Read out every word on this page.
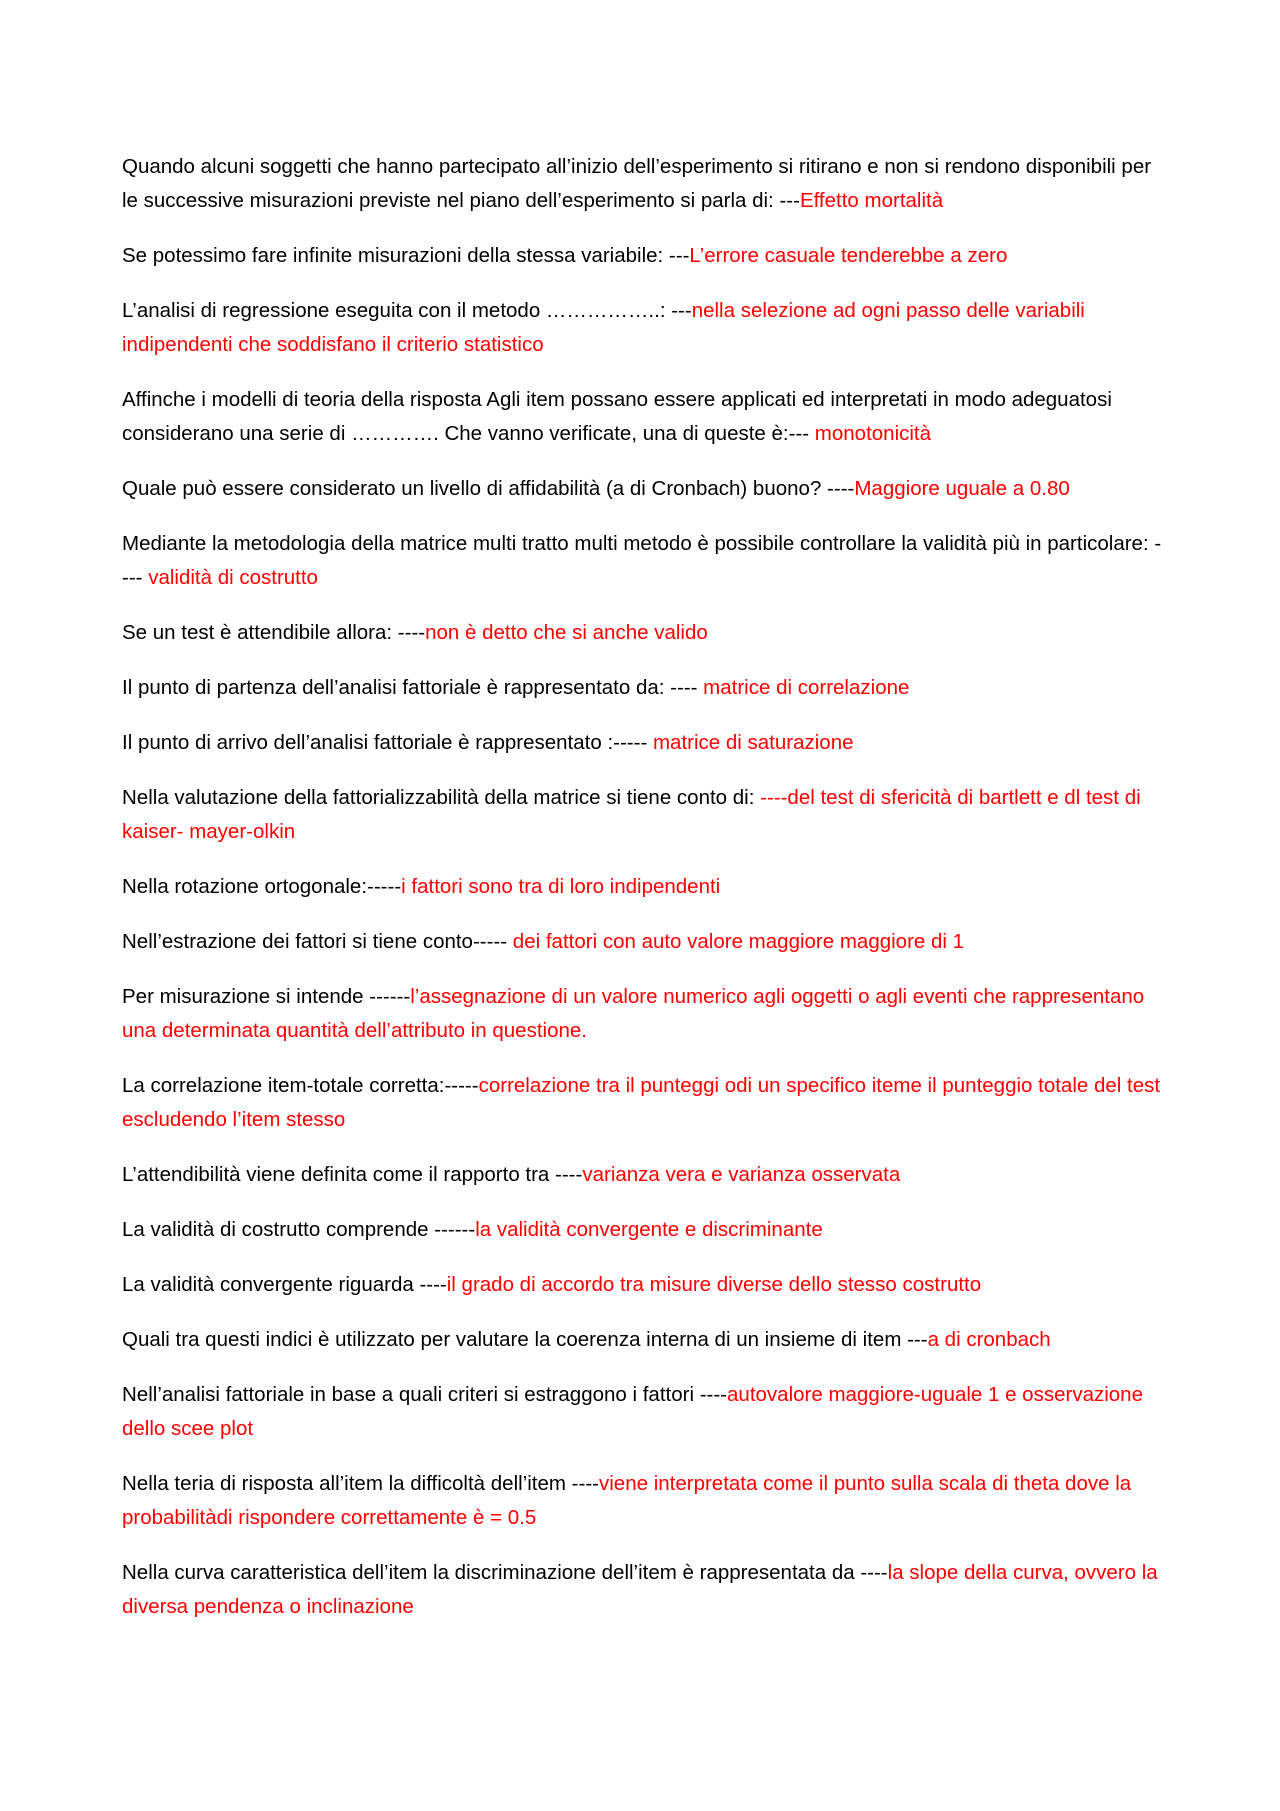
Quando alcuni soggetti che hanno partecipato all’inizio dell’esperimento si ritirano e non si rendono disponibili per le successive misurazioni previste nel piano dell’esperimento si parla di: ---Effetto mortalità

Se potessimo fare infinite misurazioni della stessa variabile: ---L’errore casuale tenderebbe a zero

L’analisi di regressione eseguita con il metodo ……………..: ---nella selezione ad ogni passo delle variabili indipendenti che soddisfano il criterio statistico

Affinche i modelli di teoria della risposta Agli item possano essere applicati ed interpretati in modo adeguatosi considerano una serie di …………. Che vanno verificate, una di queste è:--- monotonicità

Quale può essere considerato un livello di affidabilità (a di Cronbach) buono? ----Maggiore uguale a 0.80

Mediante la metodologia della matrice multi tratto multi metodo è possibile controllare la validità più in particolare: ---- validità di costrutto

Se un test è attendibile allora: ----non è detto che si anche valido

Il punto di partenza dell’analisi fattoriale è rappresentato da: ---- matrice di correlazione

Il punto di arrivo dell’analisi fattoriale è rappresentato :----- matrice di saturazione

Nella valutazione della fattorializzabilità della matrice si tiene conto di: ----del test di sfericità di bartlett e dl test di kaiser- mayer-olkin

Nella rotazione ortogonale:-----i fattori sono tra di loro indipendenti

Nell’estrazione dei fattori si tiene conto----- dei fattori con auto valore maggiore maggiore di 1

Per misurazione si intende ------l’assegnazione di un valore numerico agli oggetti o agli eventi che rappresentano una determinata quantità dell’attributo in questione.

La correlazione item-totale corretta:-----correlazione tra il punteggi odi un specifico iteme il punteggio totale del test escludendo l’item stesso

L’attendibilità viene definita come il rapporto tra ----varianza vera e varianza osservata

La validità di costrutto comprende ------la validità convergente e discriminante

La validità convergente riguarda ----il grado di accordo tra misure diverse dello stesso costrutto

Quali tra questi indici è utilizzato per valutare la coerenza interna di un insieme di item ---a di cronbach

Nell’analisi fattoriale in base a quali criteri si estraggono i fattori ----autovalore maggiore-uguale 1 e osservazione dello scee plot

Nella teria di risposta all’item la difficoltà dell’item ----viene interpretata come il punto sulla scala di theta dove la probabilitàdi rispondere correttamente è = 0.5

Nella curva caratteristica dell’item la discriminazione dell’item è rappresentata da ----la slope della curva, ovvero la diversa pendenza o inclinazione
